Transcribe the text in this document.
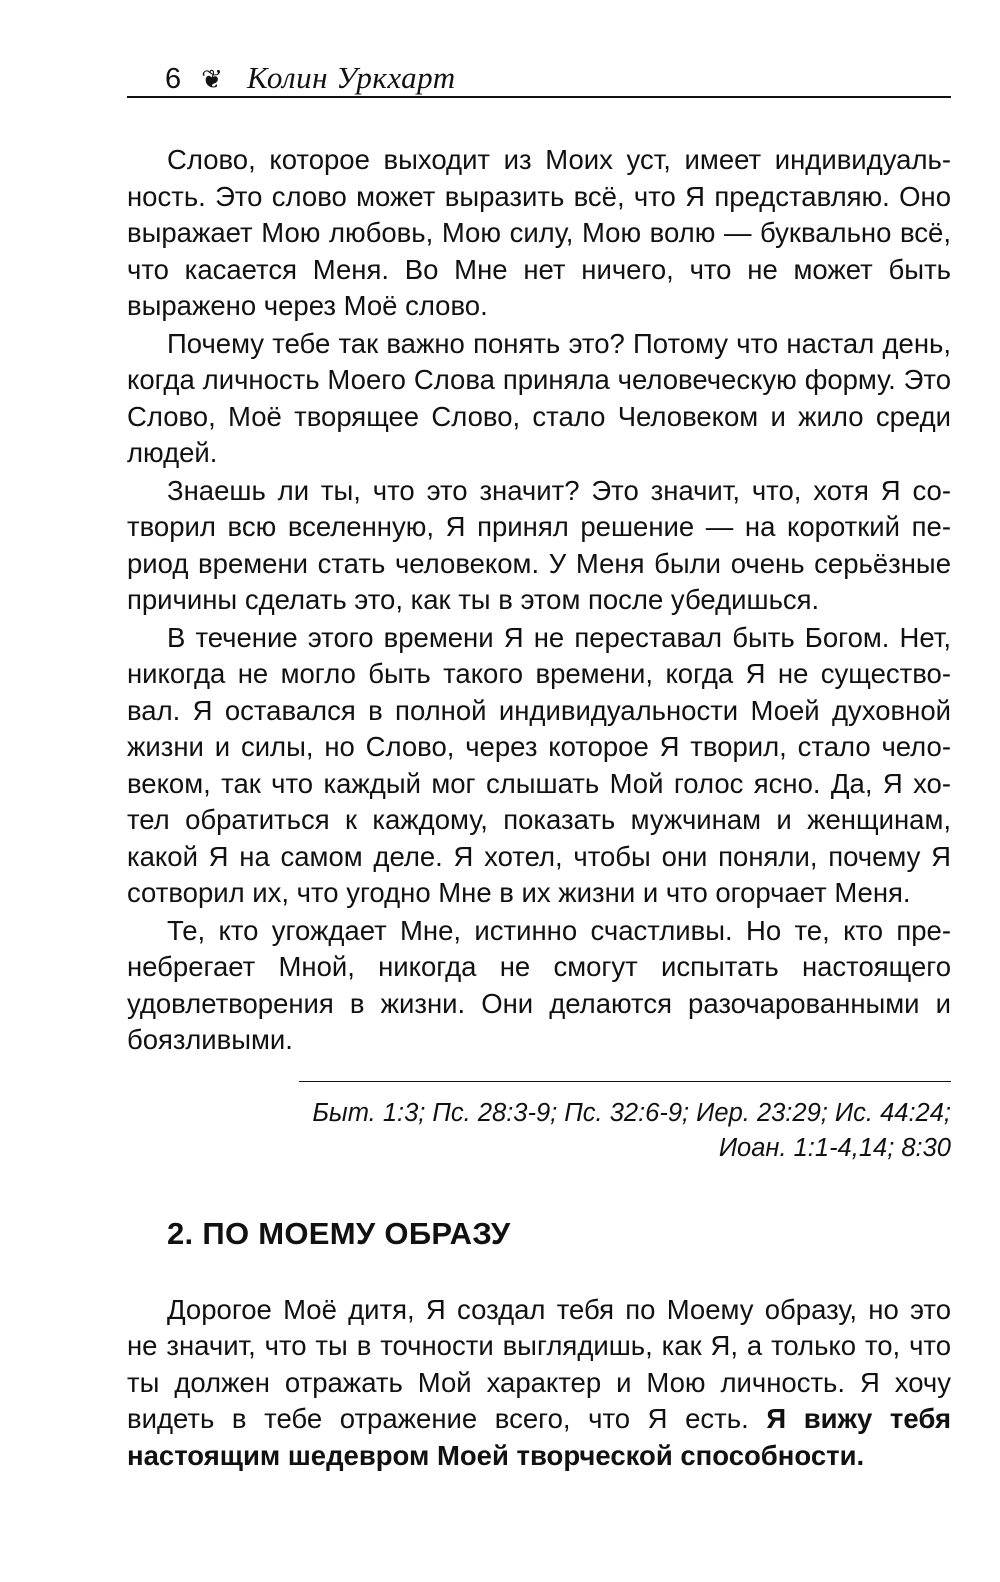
6 ❦ Колин Уркхарт

Слово, которое выходит из Моих уст, имеет индивидуальность. Это слово может выразить всё, что Я представляю. Оно выражает Мою любовь, Мою силу, Мою волю — буквально всё, что касается Меня. Во Мне нет ничего, что не может быть выражено через Моё слово.

Почему тебе так важно понять это? Потому что настал день, когда личность Моего Слова приняла человеческую форму. Это Слово, Моё творящее Слово, стало Человеком и жило среди людей.

Знаешь ли ты, что это значит? Это значит, что, хотя Я сотворил всю вселенную, Я принял решение — на короткий период времени стать человеком. У Меня были очень серьёзные причины сделать это, как ты в этом после убедишься.

В течение этого времени Я не переставал быть Богом. Нет, никогда не могло быть такого времени, когда Я не существовал. Я оставался в полной индивидуальности Моей духовной жизни и силы, но Слово, через которое Я творил, стало человеком, так что каждый мог слышать Мой голос ясно. Да, Я хотел обратиться к каждому, показать мужчинам и женщинам, какой Я на самом деле. Я хотел, чтобы они поняли, почему Я сотворил их, что угодно Мне в их жизни и что огорчает Меня.

Те, кто угождает Мне, истинно счастливы. Но те, кто пренебрегает Мной, никогда не смогут испытать настоящего удовлетворения в жизни. Они делаются разочарованными и боязливыми.

Быт. 1:3; Пс. 28:3-9; Пс. 32:6-9; Иер. 23:29; Ис. 44:24;
Иоан. 1:1-4,14; 8:30
2. ПО МОЕМУ ОБРАЗУ

Дорогое Моё дитя, Я создал тебя по Моему образу, но это не значит, что ты в точности выглядишь, как Я, а только то, что ты должен отражать Мой характер и Мою личность. Я хочу видеть в тебе отражение всего, что Я есть. Я вижу тебя настоящим шедевром Моей творческой способности.
